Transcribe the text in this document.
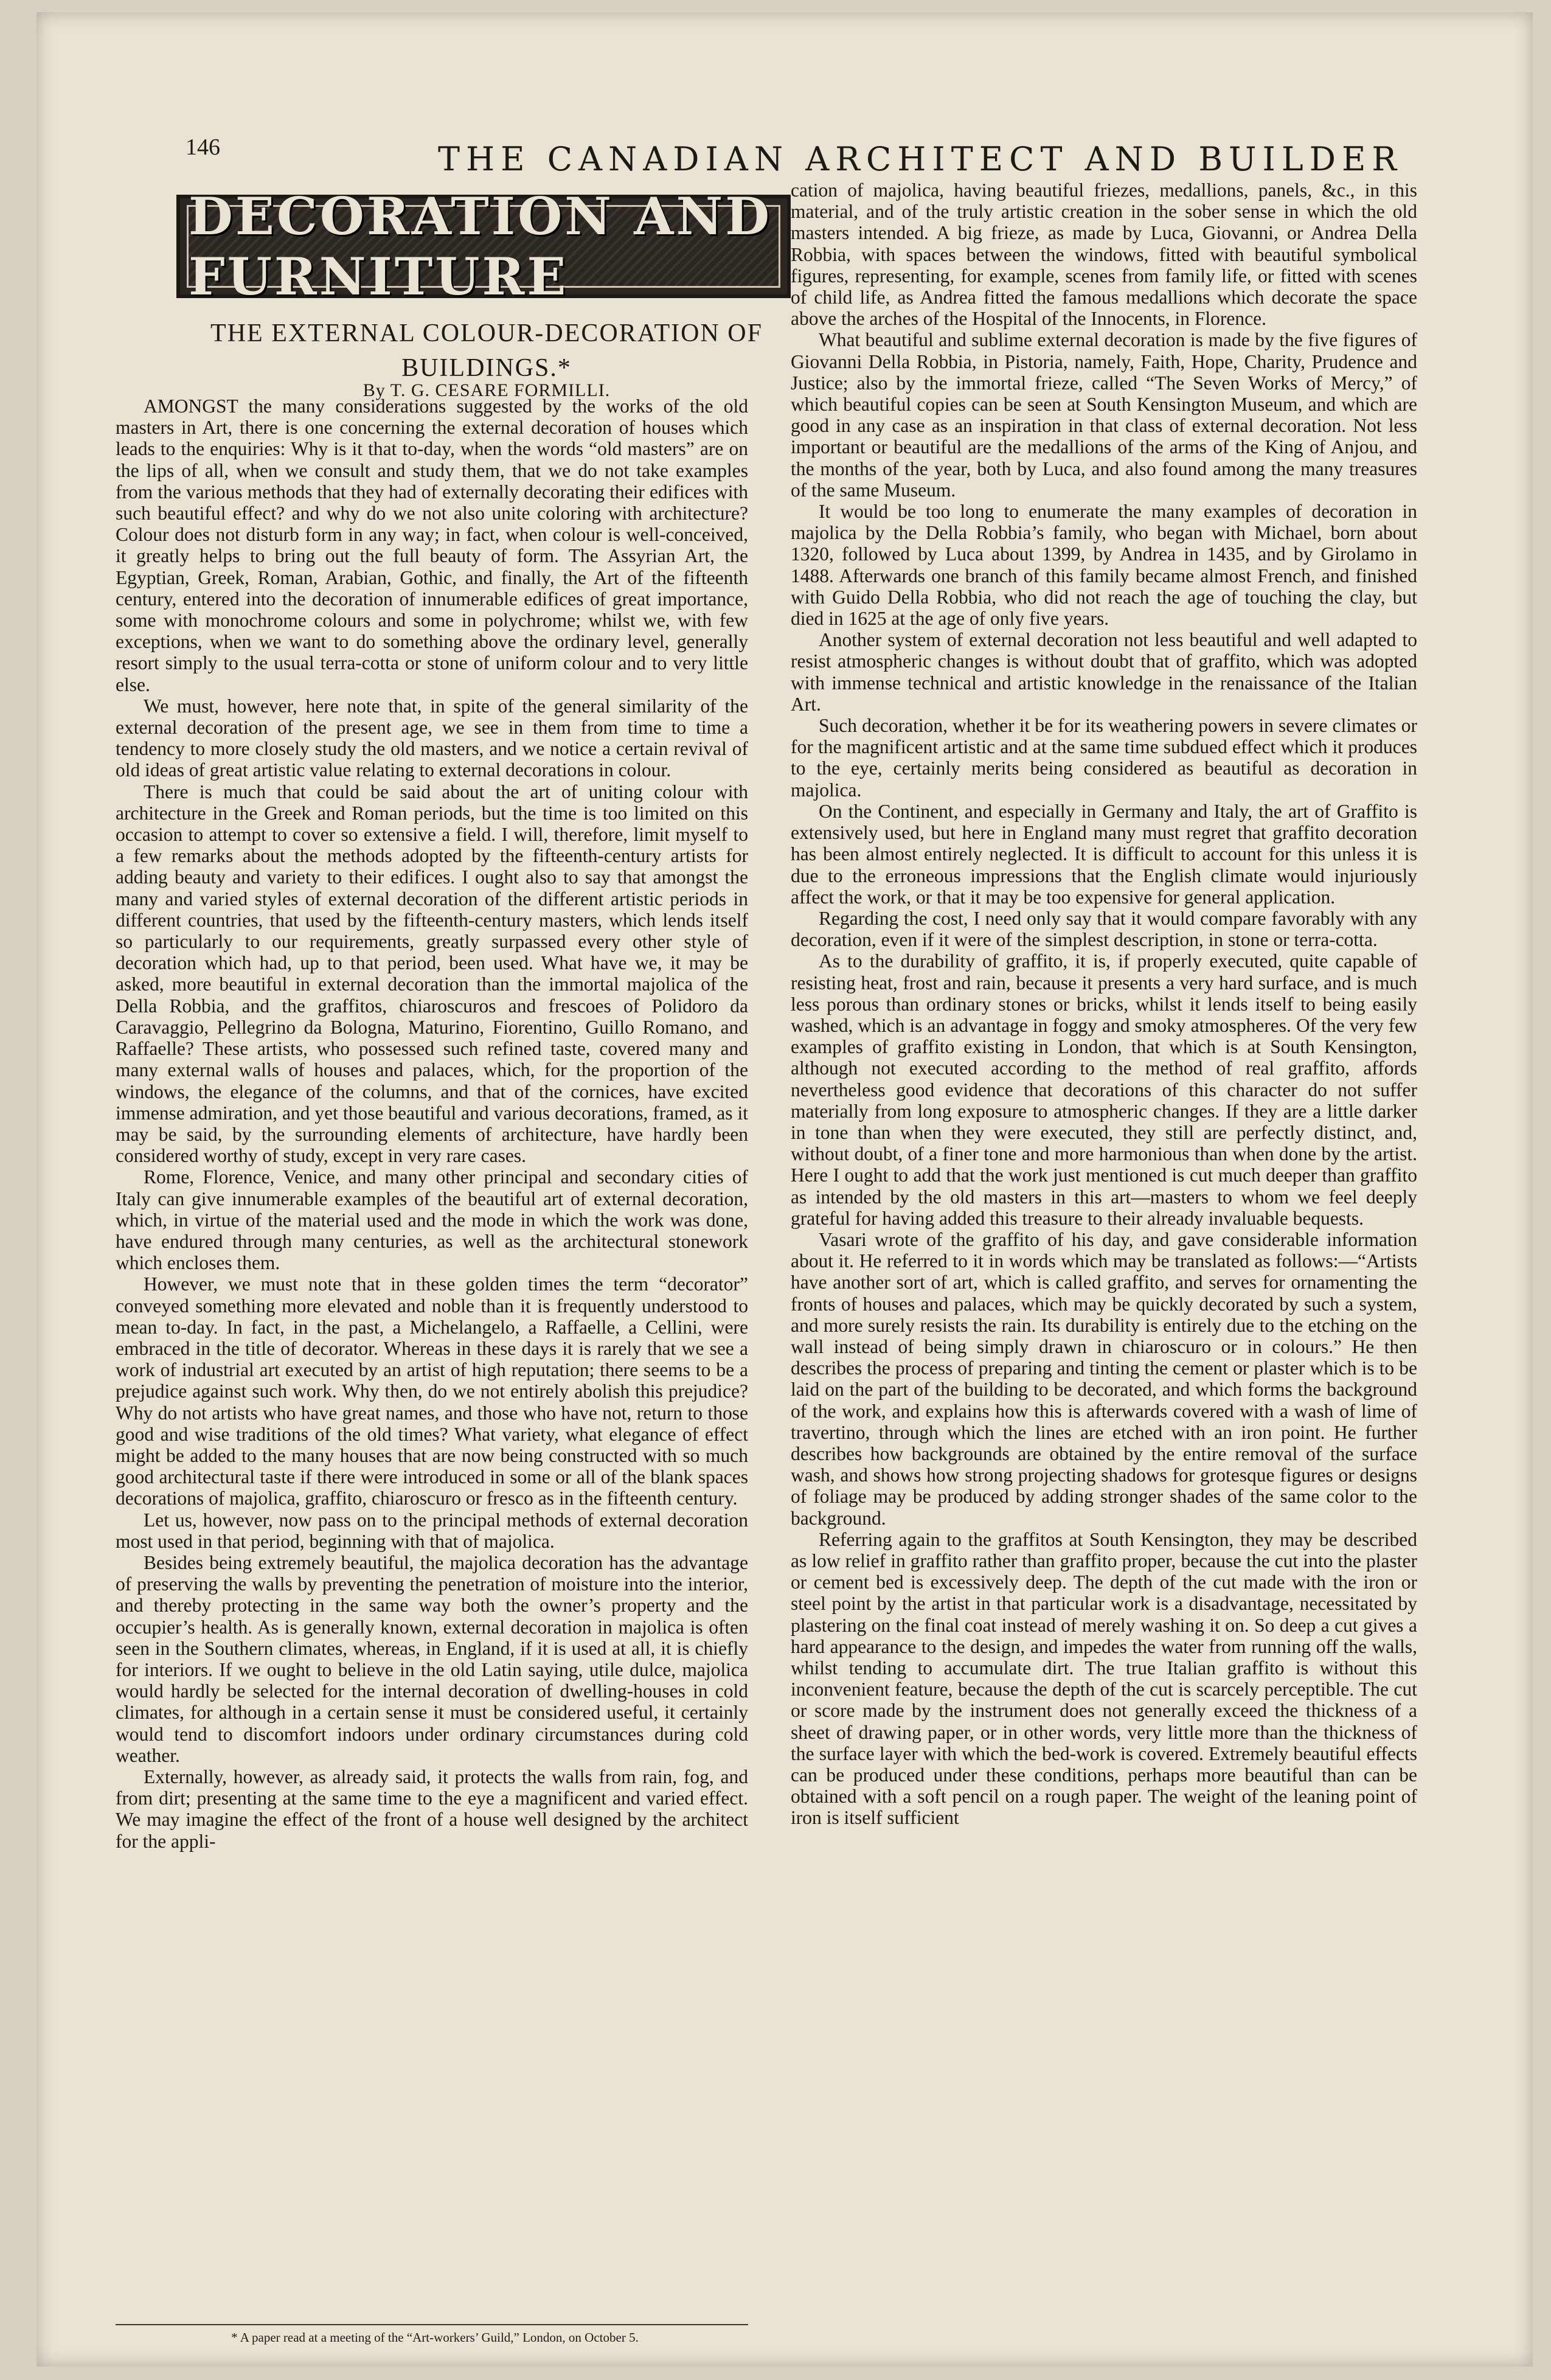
146	THE CANADIAN ARCHITECT AND BUILDER
DECORATION AND FURNITURE
THE EXTERNAL COLOUR-DECORATION OF BUILDINGS.*
By T. G. CESARE FORMILLI.

AMONGST the many considerations suggested by the works of the old masters in Art, there is one concerning the external decoration of houses which leads to the enquiries: Why is it that to-day, when the words “old masters” are on the lips of all, when we consult and study them, that we do not take examples from the various methods that they had of externally decorating their edifices with such beautiful effect? and why do we not also unite coloring with architecture? Colour does not disturb form in any way; in fact, when colour is well-conceived, it greatly helps to bring out the full beauty of form. The Assyrian Art, the Egyptian, Greek, Roman, Arabian, Gothic, and finally, the Art of the fifteenth century, entered into the decoration of innumerable edifices of great importance, some with monochrome colours and some in polychrome; whilst we, with few exceptions, when we want to do something above the ordinary level, generally resort simply to the usual terra-cotta or stone of uniform colour and to very little else.

We must, however, here note that, in spite of the general similarity of the external decoration of the present age, we see in them from time to time a tendency to more closely study the old masters, and we notice a certain revival of old ideas of great artistic value relating to external decorations in colour.

There is much that could be said about the art of uniting colour with architecture in the Greek and Roman periods, but the time is too limited on this occasion to attempt to cover so extensive a field. I will, therefore, limit myself to a few remarks about the methods adopted by the fifteenth-century artists for adding beauty and variety to their edifices. I ought also to say that amongst the many and varied styles of external decoration of the different artistic periods in different countries, that used by the fifteenth-century masters, which lends itself so particularly to our requirements, greatly surpassed every other style of decoration which had, up to that period, been used. What have we, it may be asked, more beautiful in external decoration than the immortal majolica of the Della Robbia, and the graffitos, chiaroscuros and frescoes of Polidoro da Caravaggio, Pellegrino da Bologna, Maturino, Fiorentino, Guillo Romano, and Raffaelle? These artists, who possessed such refined taste, covered many and many external walls of houses and palaces, which, for the proportion of the windows, the elegance of the columns, and that of the cornices, have excited immense admiration, and yet those beautiful and various decorations, framed, as it may be said, by the surrounding elements of architecture, have hardly been considered worthy of study, except in very rare cases.

Rome, Florence, Venice, and many other principal and secondary cities of Italy can give innumerable examples of the beautiful art of external decoration, which, in virtue of the material used and the mode in which the work was done, have endured through many centuries, as well as the architectural stonework which encloses them.

However, we must note that in these golden times the term “decorator” conveyed something more elevated and noble than it is frequently understood to mean to-day. In fact, in the past, a Michelangelo, a Raffaelle, a Cellini, were embraced in the title of decorator. Whereas in these days it is rarely that we see a work of industrial art executed by an artist of high reputation; there seems to be a prejudice against such work. Why then, do we not entirely abolish this prejudice? Why do not artists who have great names, and those who have not, return to those good and wise traditions of the old times? What variety, what elegance of effect might be added to the many houses that are now being constructed with so much good architectural taste if there were introduced in some or all of the blank spaces decorations of majolica, graffito, chiaroscuro or fresco as in the fifteenth century.

Let us, however, now pass on to the principal methods of external decoration most used in that period, beginning with that of majolica.

Besides being extremely beautiful, the majolica decoration has the advantage of preserving the walls by preventing the penetration of moisture into the interior, and thereby protecting in the same way both the owner’s property and the occupier’s health. As is generally known, external decoration in majolica is often seen in the Southern climates, whereas, in England, if it is used at all, it is chiefly for interiors. If we ought to believe in the old Latin saying, utile dulce, majolica would hardly be selected for the internal decoration of dwelling-houses in cold climates, for although in a certain sense it must be considered useful, it certainly would tend to discomfort indoors under ordinary circumstances during cold weather.

Externally, however, as already said, it protects the walls from rain, fog, and from dirt; presenting at the same time to the eye a magnificent and varied effect. We may imagine the effect of the front of a house well designed by the architect for the appli-

cation of majolica, having beautiful friezes, medallions, panels, &c., in this material, and of the truly artistic creation in the sober sense in which the old masters intended. A big frieze, as made by Luca, Giovanni, or Andrea Della Robbia, with spaces between the windows, fitted with beautiful symbolical figures, representing, for example, scenes from family life, or fitted with scenes of child life, as Andrea fitted the famous medallions which decorate the space above the arches of the Hospital of the Innocents, in Florence.

What beautiful and sublime external decoration is made by the five figures of Giovanni Della Robbia, in Pistoria, namely, Faith, Hope, Charity, Prudence and Justice; also by the immortal frieze, called “The Seven Works of Mercy,” of which beautiful copies can be seen at South Kensington Museum, and which are good in any case as an inspiration in that class of external decoration. Not less important or beautiful are the medallions of the arms of the King of Anjou, and the months of the year, both by Luca, and also found among the many treasures of the same Museum.

It would be too long to enumerate the many examples of decoration in majolica by the Della Robbia’s family, who began with Michael, born about 1320, followed by Luca about 1399, by Andrea in 1435, and by Girolamo in 1488. Afterwards one branch of this family became almost French, and finished with Guido Della Robbia, who did not reach the age of touching the clay, but died in 1625 at the age of only five years.

Another system of external decoration not less beautiful and well adapted to resist atmospheric changes is without doubt that of graffito, which was adopted with immense technical and artistic knowledge in the renaissance of the Italian Art.

Such decoration, whether it be for its weathering powers in severe climates or for the magnificent artistic and at the same time subdued effect which it produces to the eye, certainly merits being considered as beautiful as decoration in majolica.

On the Continent, and especially in Germany and Italy, the art of Graffito is extensively used, but here in England many must regret that graffito decoration has been almost entirely neglected. It is difficult to account for this unless it is due to the erroneous impressions that the English climate would injuriously affect the work, or that it may be too expensive for general application.

Regarding the cost, I need only say that it would compare favorably with any decoration, even if it were of the simplest description, in stone or terra-cotta.

As to the durability of graffito, it is, if properly executed, quite capable of resisting heat, frost and rain, because it presents a very hard surface, and is much less porous than ordinary stones or bricks, whilst it lends itself to being easily washed, which is an advantage in foggy and smoky atmospheres. Of the very few examples of graffito existing in London, that which is at South Kensington, although not executed according to the method of real graffito, affords nevertheless good evidence that decorations of this character do not suffer materially from long exposure to atmospheric changes. If they are a little darker in tone than when they were executed, they still are perfectly distinct, and, without doubt, of a finer tone and more harmonious than when done by the artist. Here I ought to add that the work just mentioned is cut much deeper than graffito as intended by the old masters in this art—masters to whom we feel deeply grateful for having added this treasure to their already invaluable bequests.

Vasari wrote of the graffito of his day, and gave considerable information about it. He referred to it in words which may be translated as follows:—“Artists have another sort of art, which is called graffito, and serves for ornamenting the fronts of houses and palaces, which may be quickly decorated by such a system, and more surely resists the rain. Its durability is entirely due to the etching on the wall instead of being simply drawn in chiaroscuro or in colours.” He then describes the process of preparing and tinting the cement or plaster which is to be laid on the part of the building to be decorated, and which forms the background of the work, and explains how this is afterwards covered with a wash of lime of travertino, through which the lines are etched with an iron point. He further describes how backgrounds are obtained by the entire removal of the surface wash, and shows how strong projecting shadows for grotesque figures or designs of foliage may be produced by adding stronger shades of the same color to the background.

Referring again to the graffitos at South Kensington, they may be described as low relief in graffito rather than graffito proper, because the cut into the plaster or cement bed is excessively deep. The depth of the cut made with the iron or steel point by the artist in that particular work is a disadvantage, necessitated by plastering on the final coat instead of merely washing it on. So deep a cut gives a hard appearance to the design, and impedes the water from running off the walls, whilst tending to accumulate dirt. The true Italian graffito is without this inconvenient feature, because the depth of the cut is scarcely perceptible. The cut or score made by the instrument does not generally exceed the thickness of a sheet of drawing paper, or in other words, very little more than the thickness of the surface layer with which the bed-work is covered. Extremely beautiful effects can be produced under these conditions, perhaps more beautiful than can be obtained with a soft pencil on a rough paper. The weight of the leaning point of iron is itself sufficient

* A paper read at a meeting of the “Art-workers’ Guild,” London, on October 5.
